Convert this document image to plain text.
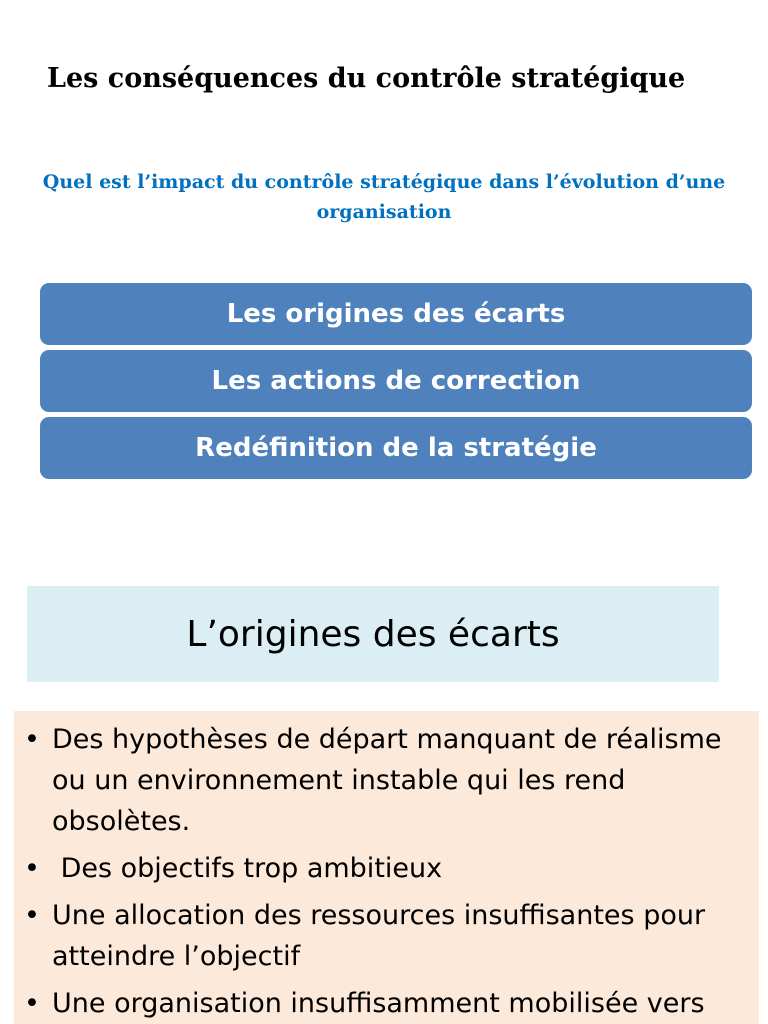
Les conséquences du contrôle stratégique

Quel est l’impact du contrôle stratégique dans l’évolution d’une organisation

Les origines des écarts
Les actions de correction
Redéfinition de la stratégie
L’origines des écarts
• Des hypothèses de départ manquant de réalisme ou un environnement instable qui les rend obsolètes.
• Des objectifs trop ambitieux
• Une allocation des ressources insuffisantes pour atteindre l’objectif
• Une organisation insuffisamment mobilisée vers
